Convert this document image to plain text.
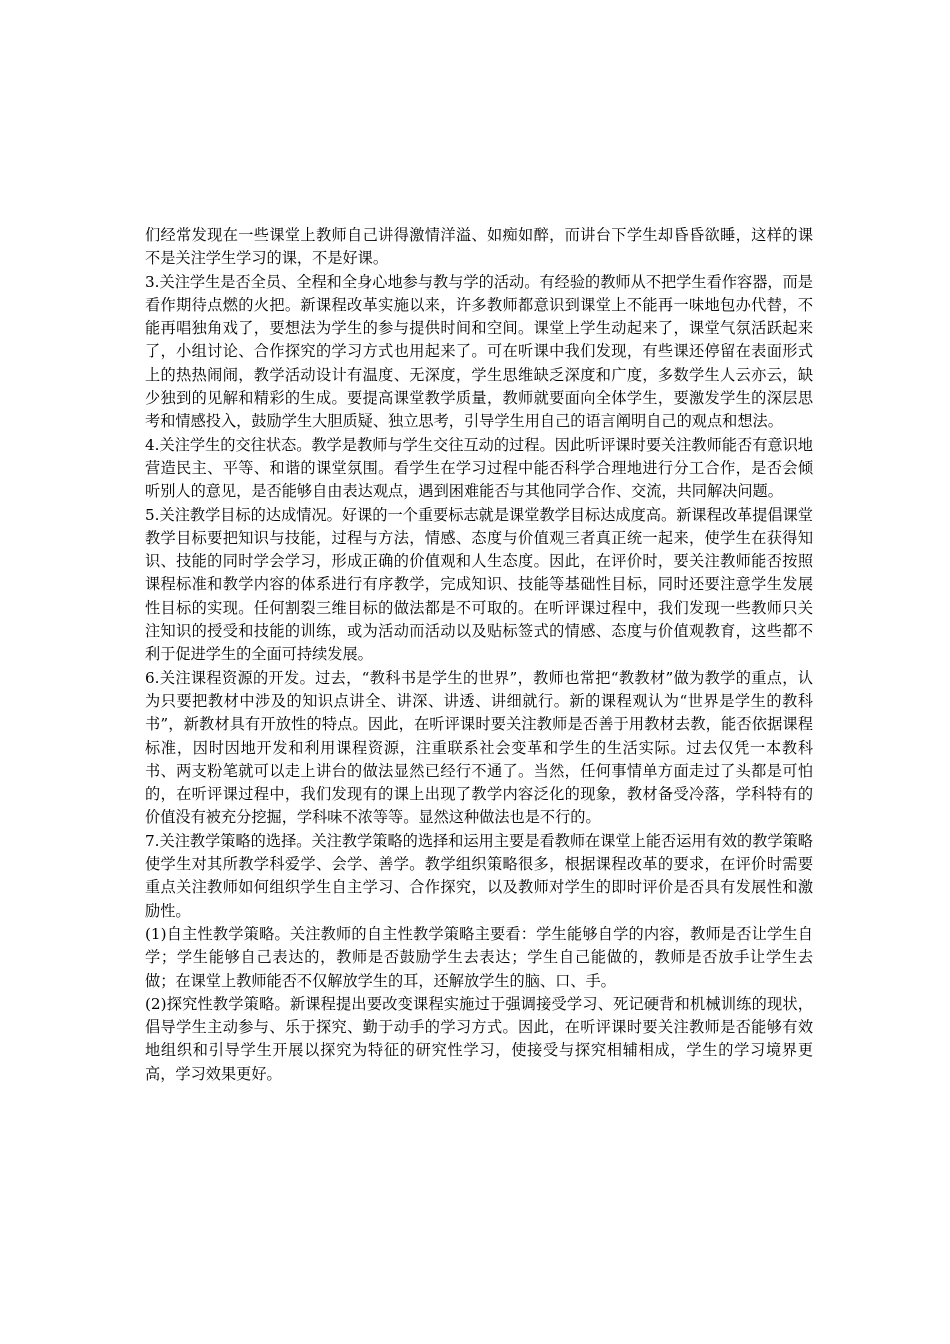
们经常发现在一些课堂上教师自己讲得激情洋溢、如痴如醉，而讲台下学生却昏昏欲睡，这样的课不是关注学生学习的课，不是好课。

3.关注学生是否全员、全程和全身心地参与教与学的活动。有经验的教师从不把学生看作容器，而是看作期待点燃的火把。新课程改革实施以来，许多教师都意识到课堂上不能再一味地包办代替，不能再唱独角戏了，要想法为学生的参与提供时间和空间。课堂上学生动起来了，课堂气氛活跃起来了，小组讨论、合作探究的学习方式也用起来了。可在听课中我们发现，有些课还停留在表面形式上的热热闹闹，教学活动设计有温度、无深度，学生思维缺乏深度和广度，多数学生人云亦云，缺少独到的见解和精彩的生成。要提高课堂教学质量，教师就要面向全体学生，要激发学生的深层思考和情感投入，鼓励学生大胆质疑、独立思考，引导学生用自己的语言阐明自己的观点和想法。

4.关注学生的交往状态。教学是教师与学生交往互动的过程。因此听评课时要关注教师能否有意识地营造民主、平等、和谐的课堂氛围。看学生在学习过程中能否科学合理地进行分工合作，是否会倾听别人的意见，是否能够自由表达观点，遇到困难能否与其他同学合作、交流，共同解决问题。

5.关注教学目标的达成情况。好课的一个重要标志就是课堂教学目标达成度高。新课程改革提倡课堂教学目标要把知识与技能，过程与方法，情感、态度与价值观三者真正统一起来，使学生在获得知识、技能的同时学会学习，形成正确的价值观和人生态度。因此，在评价时，要关注教师能否按照课程标准和教学内容的体系进行有序教学，完成知识、技能等基础性目标，同时还要注意学生发展性目标的实现。任何割裂三维目标的做法都是不可取的。在听评课过程中，我们发现一些教师只关注知识的授受和技能的训练，或为活动而活动以及贴标签式的情感、态度与价值观教育，这些都不利于促进学生的全面可持续发展。

6.关注课程资源的开发。过去，“教科书是学生的世界”，教师也常把“教教材”做为教学的重点，认为只要把教材中涉及的知识点讲全、讲深、讲透、讲细就行。新的课程观认为“世界是学生的教科书”，新教材具有开放性的特点。因此，在听评课时要关注教师是否善于用教材去教，能否依据课程标准，因时因地开发和利用课程资源，注重联系社会变革和学生的生活实际。过去仅凭一本教科书、两支粉笔就可以走上讲台的做法显然已经行不通了。当然，任何事情单方面走过了头都是可怕的，在听评课过程中，我们发现有的课上出现了教学内容泛化的现象，教材备受冷落，学科特有的价值没有被充分挖掘，学科味不浓等等。显然这种做法也是不行的。

7.关注教学策略的选择。关注教学策略的选择和运用主要是看教师在课堂上能否运用有效的教学策略使学生对其所教学科爱学、会学、善学。教学组织策略很多，根据课程改革的要求，在评价时需要重点关注教师如何组织学生自主学习、合作探究，以及教师对学生的即时评价是否具有发展性和激励性。

(1)自主性教学策略。关注教师的自主性教学策略主要看：学生能够自学的内容，教师是否让学生自学；学生能够自己表达的，教师是否鼓励学生去表达；学生自己能做的，教师是否放手让学生去做；在课堂上教师能否不仅解放学生的耳，还解放学生的脑、口、手。

(2)探究性教学策略。新课程提出要改变课程实施过于强调接受学习、死记硬背和机械训练的现状，倡导学生主动参与、乐于探究、勤于动手的学习方式。因此，在听评课时要关注教师是否能够有效地组织和引导学生开展以探究为特征的研究性学习，使接受与探究相辅相成，学生的学习境界更高，学习效果更好。
